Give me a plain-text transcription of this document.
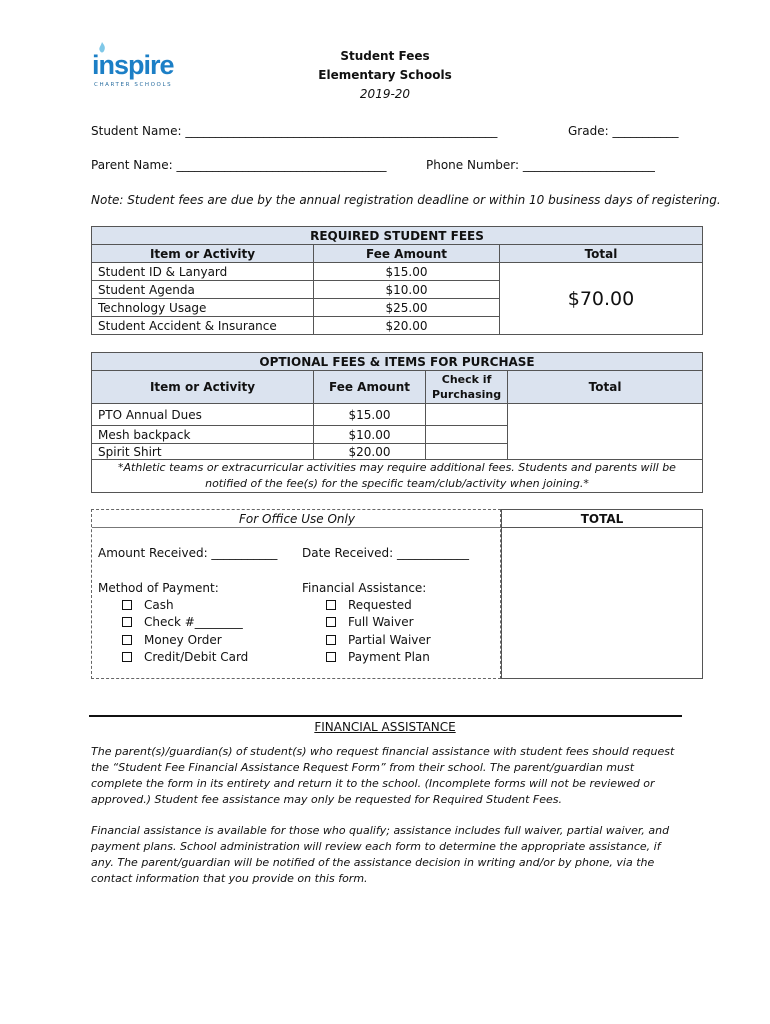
inspire
CHARTER SCHOOLS
Student Fees
Elementary Schools
2019-20
Student Name: ____________________________________________________	Grade: ___________
Parent Name: ___________________________________	Phone Number: ______________________
Note: Student fees are due by the annual registration deadline or within 10 business days of registering.
REQUIRED STUDENT FEES		
Item or Activity	Fee Amount	Total
Student ID & Lanyard	$15.00	$70.00
Student Agenda	$10.00	
Technology Usage	$25.00	
Student Accident & Insurance	$20.00	
OPTIONAL FEES & ITEMS FOR PURCHASE			
Item or Activity	Fee Amount	Check if Purchasing	Total
PTO Annual Dues	$15.00		
Mesh backpack	$10.00		
Spirit Shirt	$20.00		
*Athletic teams or extracurricular activities may require additional fees. Students and parents will be notified of the fee(s) for the specific team/club/activity when joining.*			
For Office Use Only
Amount Received: ___________ Date Received: ____________
Method of Payment:
Cash
Check #________
Money Order
Credit/Debit Card
Financial Assistance:
Requested
Full Waiver
Partial Waiver
Payment Plan
TOTAL
FINANCIAL ASSISTANCE
The parent(s)/guardian(s) of student(s) who request financial assistance with student fees should request the “Student Fee Financial Assistance Request Form” from their school. The parent/guardian must complete the form in its entirety and return it to the school. (Incomplete forms will not be reviewed or approved.) Student fee assistance may only be requested for Required Student Fees.
Financial assistance is available for those who qualify; assistance includes full waiver, partial waiver, and payment plans. School administration will review each form to determine the appropriate assistance, if any. The parent/guardian will be notified of the assistance decision in writing and/or by phone, via the contact information that you provide on this form.
